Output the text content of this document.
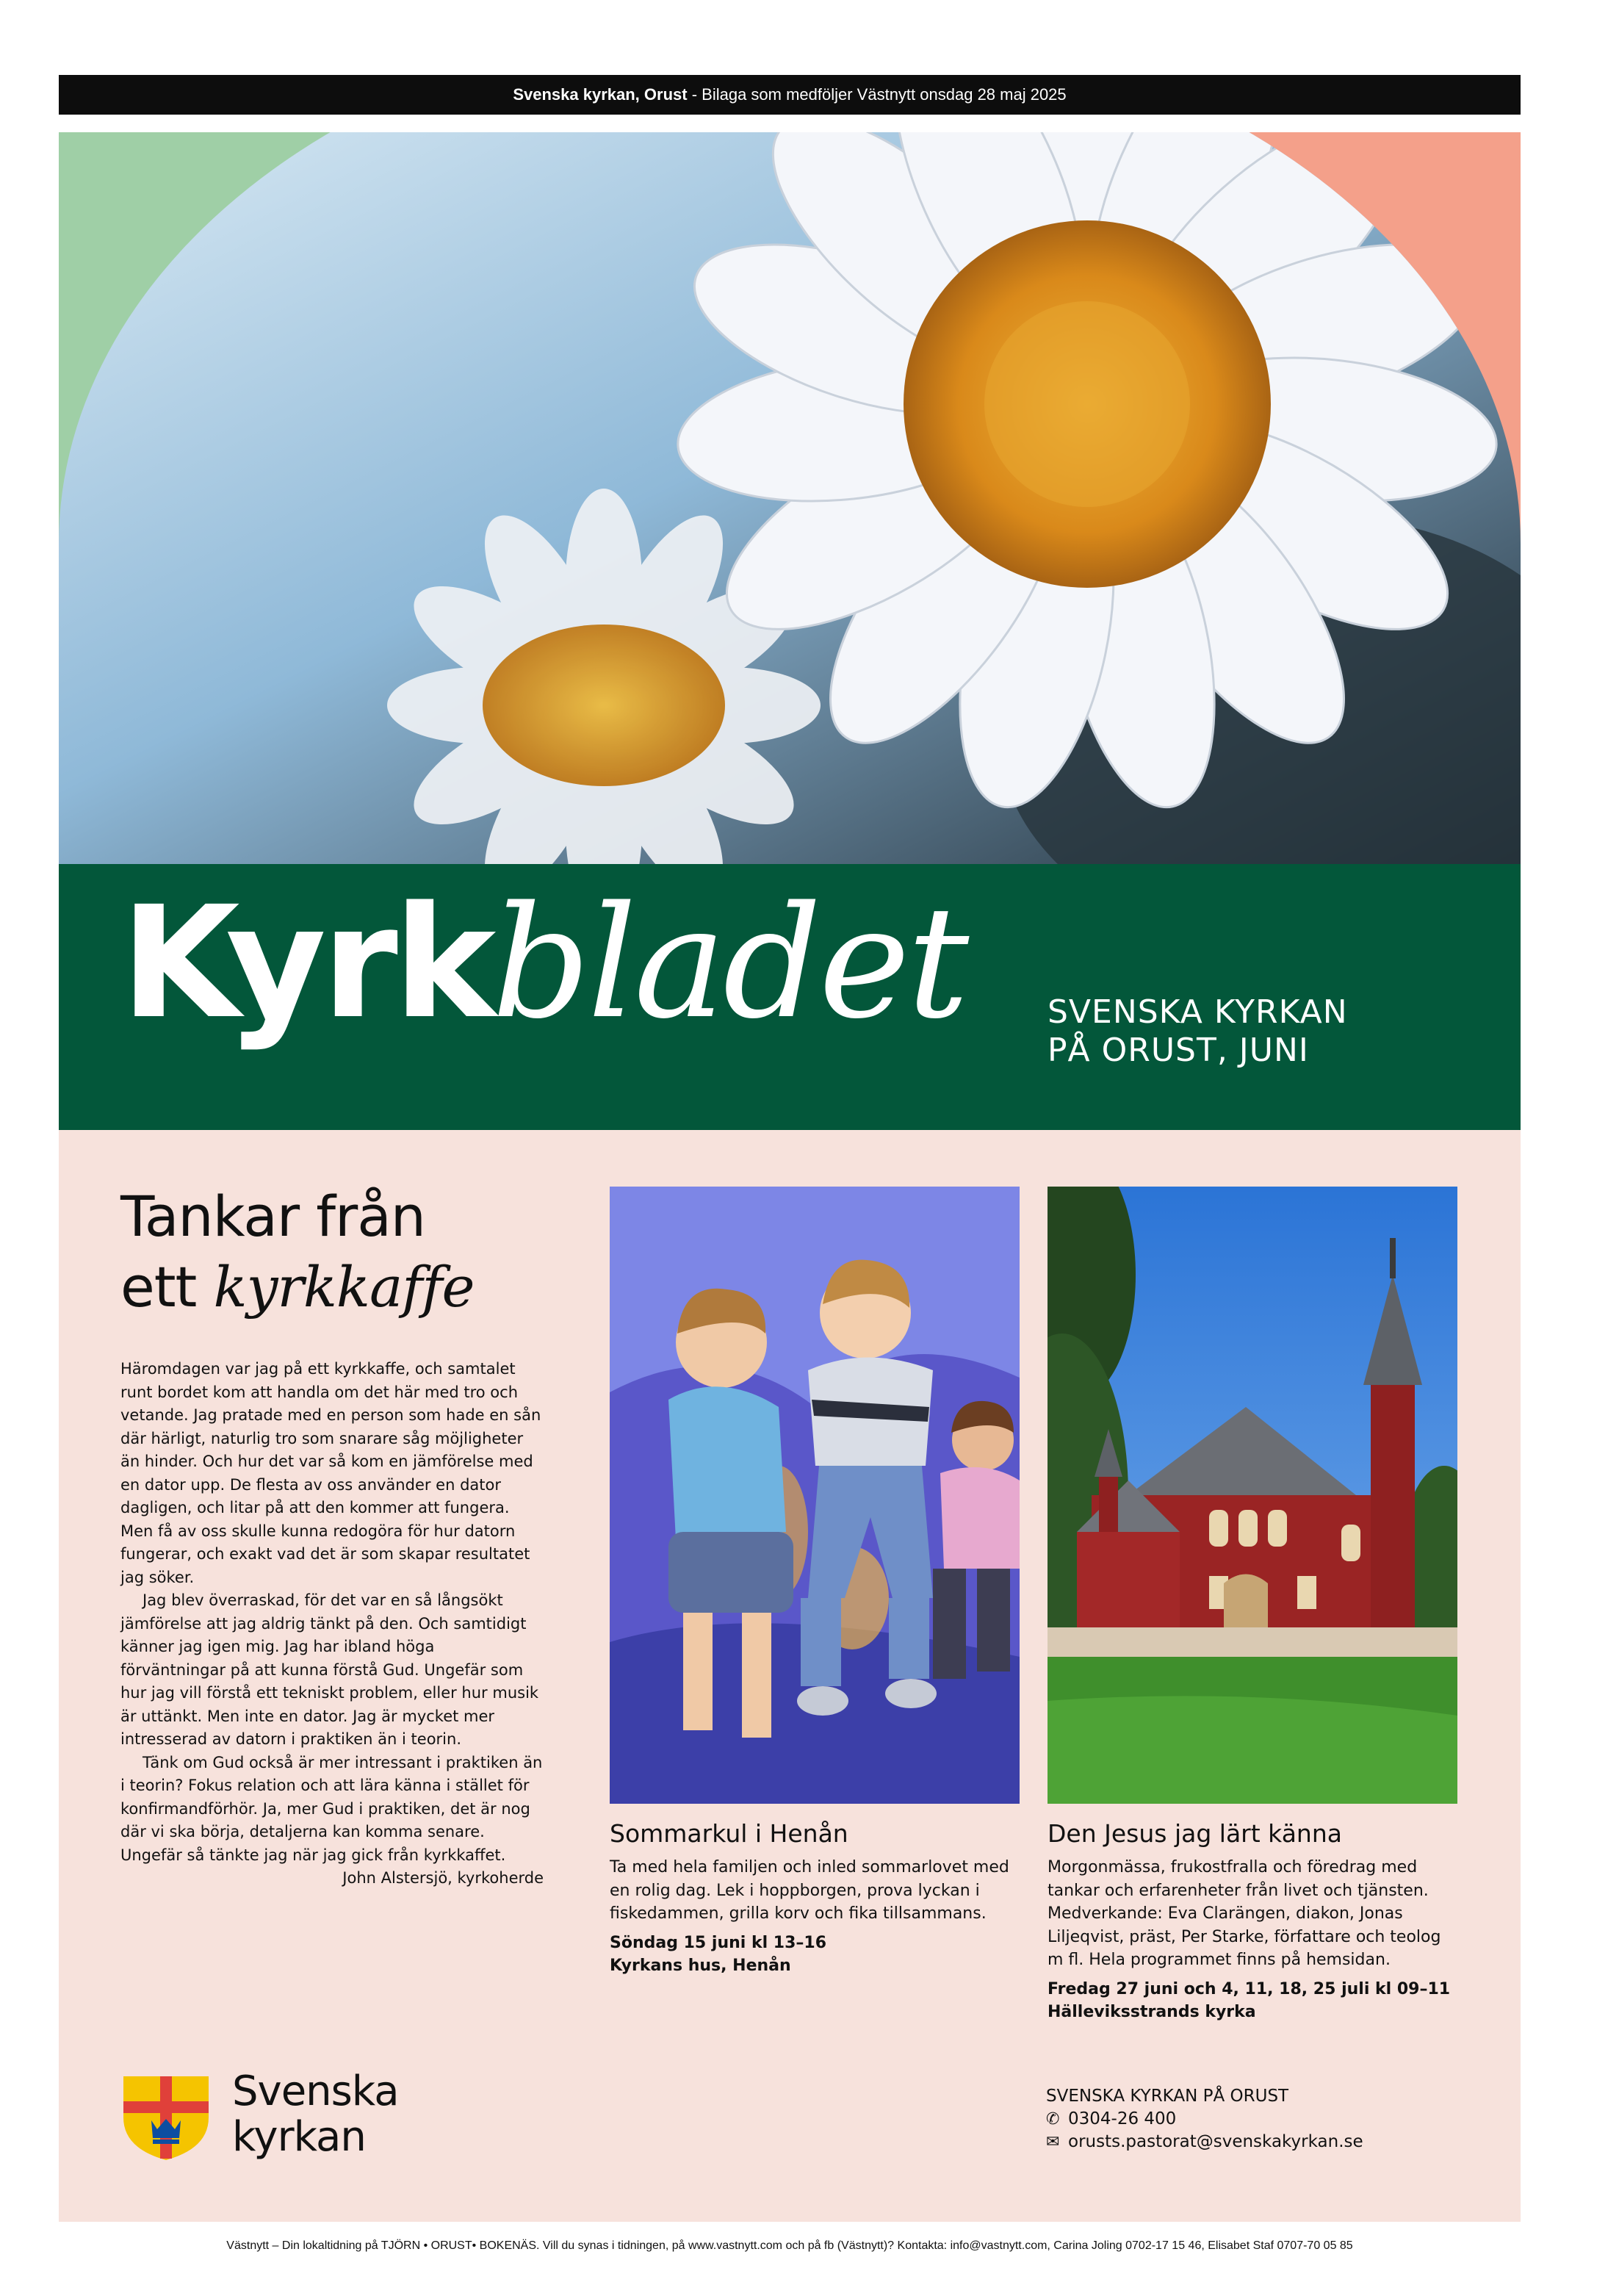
Svenska kyrkan, Orust - Bilaga som medföljer Västnytt onsdag 28 maj 2025
Kyrkbladet	SVENSKA KYRKAN
PÅ ORUST, JUNI
Tankar från
ett kyrkkaffe

Häromdagen var jag på ett kyrkkaffe, och samtalet runt bordet kom att handla om det här med tro och vetande. Jag pratade med en person som hade en sån där härligt, naturlig tro som snarare såg möjligheter än hinder. Och hur det var så kom en jämförelse med en dator upp. De flesta av oss använder en dator dagligen, och litar på att den kommer att fungera. Men få av oss skulle kunna redogöra för hur datorn fungerar, och exakt vad det är som skapar resultatet jag söker.

Jag blev överraskad, för det var en så långsökt jämförelse att jag aldrig tänkt på den. Och samtidigt känner jag igen mig. Jag har ibland höga förväntningar på att kunna förstå Gud. Ungefär som hur jag vill förstå ett tekniskt problem, eller hur musik är uttänkt. Men inte en dator. Jag är mycket mer intresserad av datorn i praktiken än i teorin.

Tänk om Gud också är mer intressant i praktiken än i teorin? Fokus relation och att lära känna i stället för konfirmandförhör. Ja, mer Gud i praktiken, det är nog där vi ska börja, detaljerna kan komma senare. Ungefär så tänkte jag när jag gick från kyrkkaffet.

John Alstersjö, kyrkoherde

Sommarkul i Henån

Ta med hela familjen och inled sommarlovet med en rolig dag. Lek i hoppborgen, prova lyckan i fiskedammen, grilla korv och fika tillsammans.

Söndag 15 juni kl 13–16

Kyrkans hus, Henån

Den Jesus jag lärt känna

Morgonmässa, frukostfralla och föredrag med tankar och erfarenheter från livet och tjänsten. Medverkande: Eva Clarängen, diakon, Jonas Liljeqvist, präst, Per Starke, författare och teolog m fl. Hela programmet finns på hemsidan.

Fredag 27 juni och 4, 11, 18, 25 juli kl 09–11

Hälleviksstrands kyrka

Svenska
kyrkan
SVENSKA KYRKAN PÅ ORUST
✆ 0304-26 400
✉ orusts.pastorat@svenskakyrkan.se
Västnytt – Din lokaltidning på TJÖRN • ORUST• BOKENÄS. Vill du synas i tidningen, på www.vastnytt.com och på fb (Västnytt)? Kontakta: info@vastnytt.com, Carina Joling 0702-17 15 46, Elisabet Staf 0707-70 05 85
